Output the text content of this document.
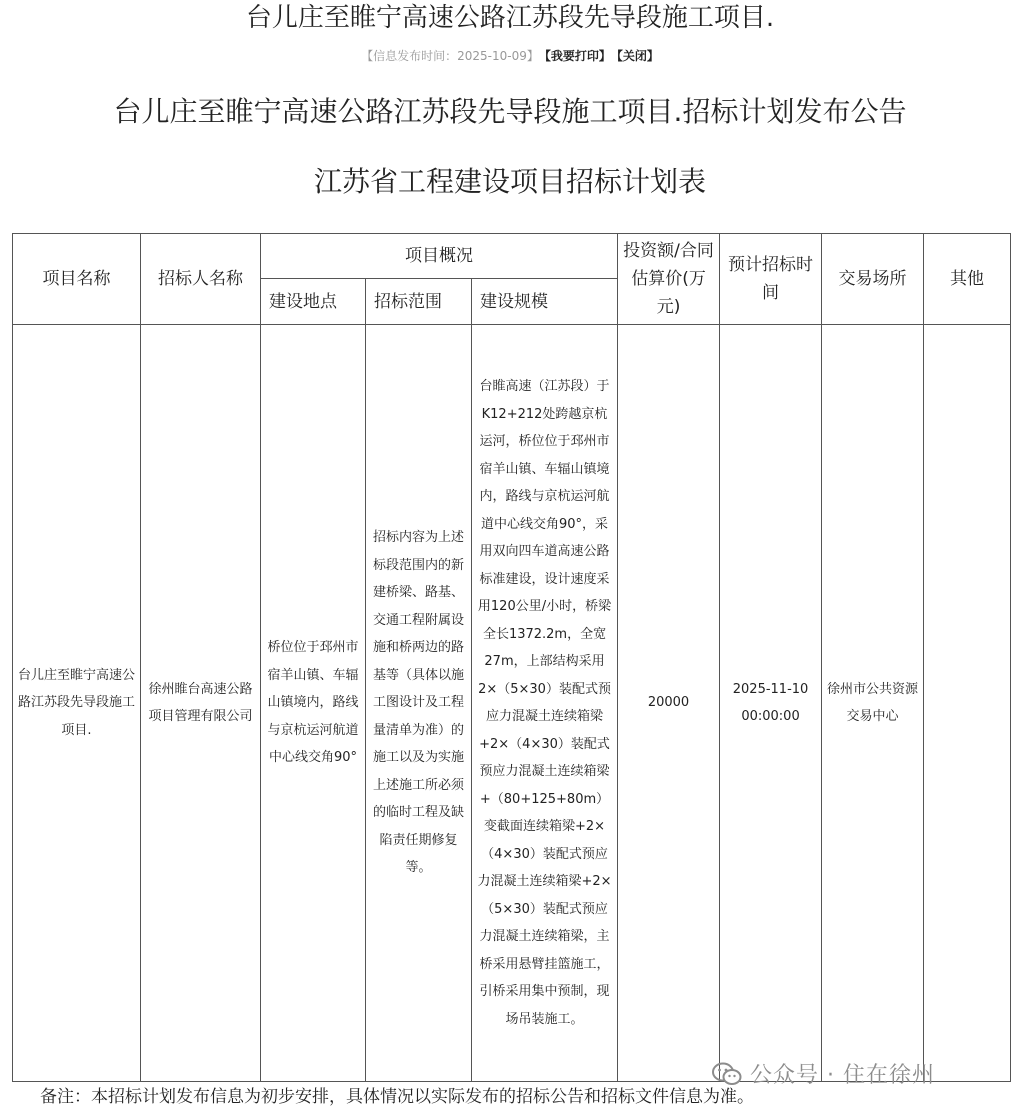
台儿庄至睢宁高速公路江苏段先导段施工项目.
【信息发布时间：2025-10-09】 【我要打印】 【关闭】
台儿庄至睢宁高速公路江苏段先导段施工项目.招标计划发布公告
江苏省工程建设项目招标计划表
项目名称	招标人名称	项目概况			投资额/合同估算价(万元)	预计招标时间	交易场所	其他
		建设地点	招标范围	建设规模				
台儿庄至睢宁高速公路江苏段先导段施工项目.	徐州睢台高速公路项目管理有限公司	桥位位于邳州市宿羊山镇、车辐山镇境内，路线与京杭运河航道中心线交角90°	招标内容为上述标段范围内的新建桥梁、路基、交通工程附属设施和桥两边的路基等（具体以施工图设计及工程量清单为准）的施工以及为实施上述施工所必须的临时工程及缺陷责任期修复等。	台睢高速（江苏段）于K12+212处跨越京杭运河，桥位位于邳州市宿羊山镇、车辐山镇境内，路线与京杭运河航道中心线交角90°，采用双向四车道高速公路标准建设，设计速度采用120公里/小时，桥梁全长1372.2m，全宽27m，上部结构采用2×（5×30）装配式预应力混凝土连续箱梁+2×（4×30）装配式预应力混凝土连续箱梁+（80+125+80m）变截面连续箱梁+2×（4×30）装配式预应力混凝土连续箱梁+2×（5×30）装配式预应力混凝土连续箱梁，主桥采用悬臂挂篮施工，引桥采用集中预制，现场吊装施工。	20000	2025-11-10 00:00:00	徐州市公共资源交易中心	
备注：本招标计划发布信息为初步安排，具体情况以实际发布的招标公告和招标文件信息为准。
公众号 · 住在徐州
